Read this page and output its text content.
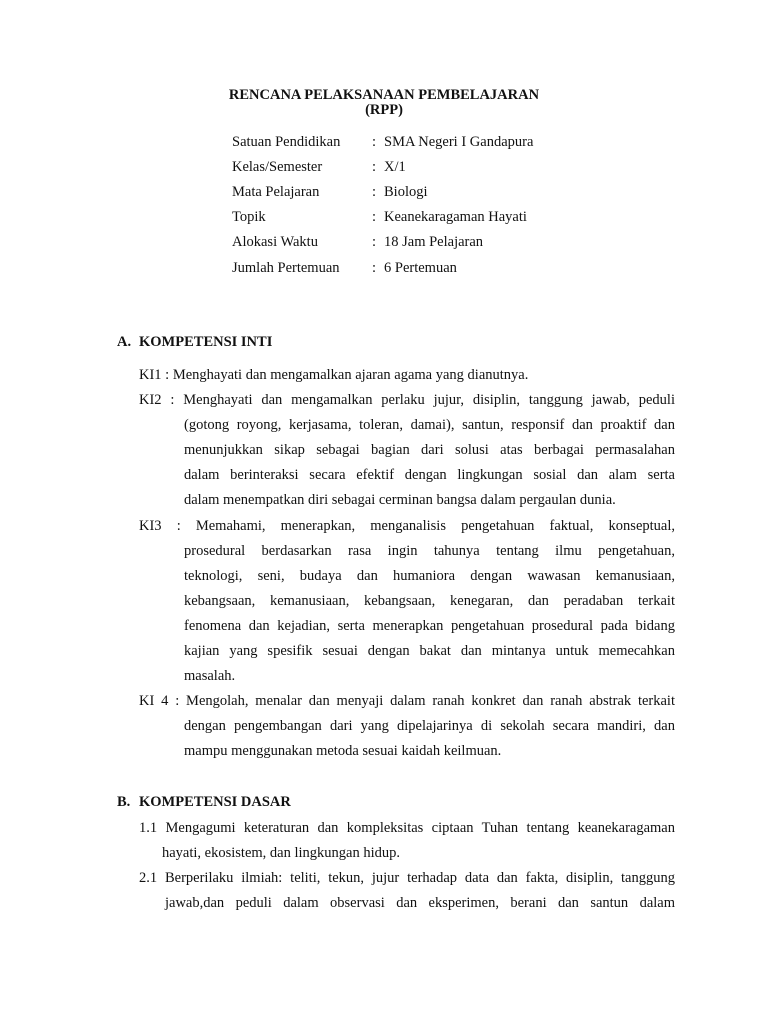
RENCANA PELAKSANAAN PEMBELAJARAN
(RPP)
Satuan Pendidikan : SMA Negeri I Gandapura
Kelas/Semester	: X/1
Mata Pelajaran	: Biologi
Topik	: Keanekaragaman Hayati
Alokasi Waktu	: 18 Jam Pelajaran
Jumlah Pertemuan : 6 Pertemuan
A. KOMPETENSI INTI
KI1 : Menghayati dan mengamalkan ajaran agama yang dianutnya.
KI2 : Menghayati dan mengamalkan perlaku jujur, disiplin, tanggung jawab, peduli
(gotong royong, kerjasama, toleran, damai), santun, responsif dan proaktif dan
menunjukkan sikap sebagai bagian dari solusi atas berbagai permasalahan
dalam berinteraksi secara efektif dengan lingkungan sosial dan alam serta
dalam menempatkan diri sebagai cerminan bangsa dalam pergaulan dunia.
KI3 : Memahami, menerapkan, menganalisis pengetahuan faktual, konseptual,
prosedural berdasarkan rasa ingin tahunya tentang ilmu pengetahuan,
teknologi, seni, budaya dan humaniora dengan wawasan kemanusiaan,
kebangsaan, kemanusiaan, kebangsaan, kenegaran, dan peradaban terkait
fenomena dan kejadian, serta menerapkan pengetahuan prosedural pada bidang
kajian yang spesifik sesuai dengan bakat dan mintanya untuk memecahkan
masalah.
KI 4 : Mengolah, menalar dan menyaji dalam ranah konkret dan ranah abstrak terkait
dengan pengembangan dari yang dipelajarinya di sekolah secara mandiri, dan
mampu menggunakan metoda sesuai kaidah keilmuan.
B. KOMPETENSI DASAR
1.1 Mengagumi keteraturan dan kompleksitas ciptaan Tuhan tentang keanekaragaman
hayati, ekosistem, dan lingkungan hidup.
2.1 Berperilaku ilmiah: teliti, tekun, jujur terhadap data dan fakta, disiplin, tanggung
jawab,dan peduli dalam observasi dan eksperimen, berani dan santun dalam
